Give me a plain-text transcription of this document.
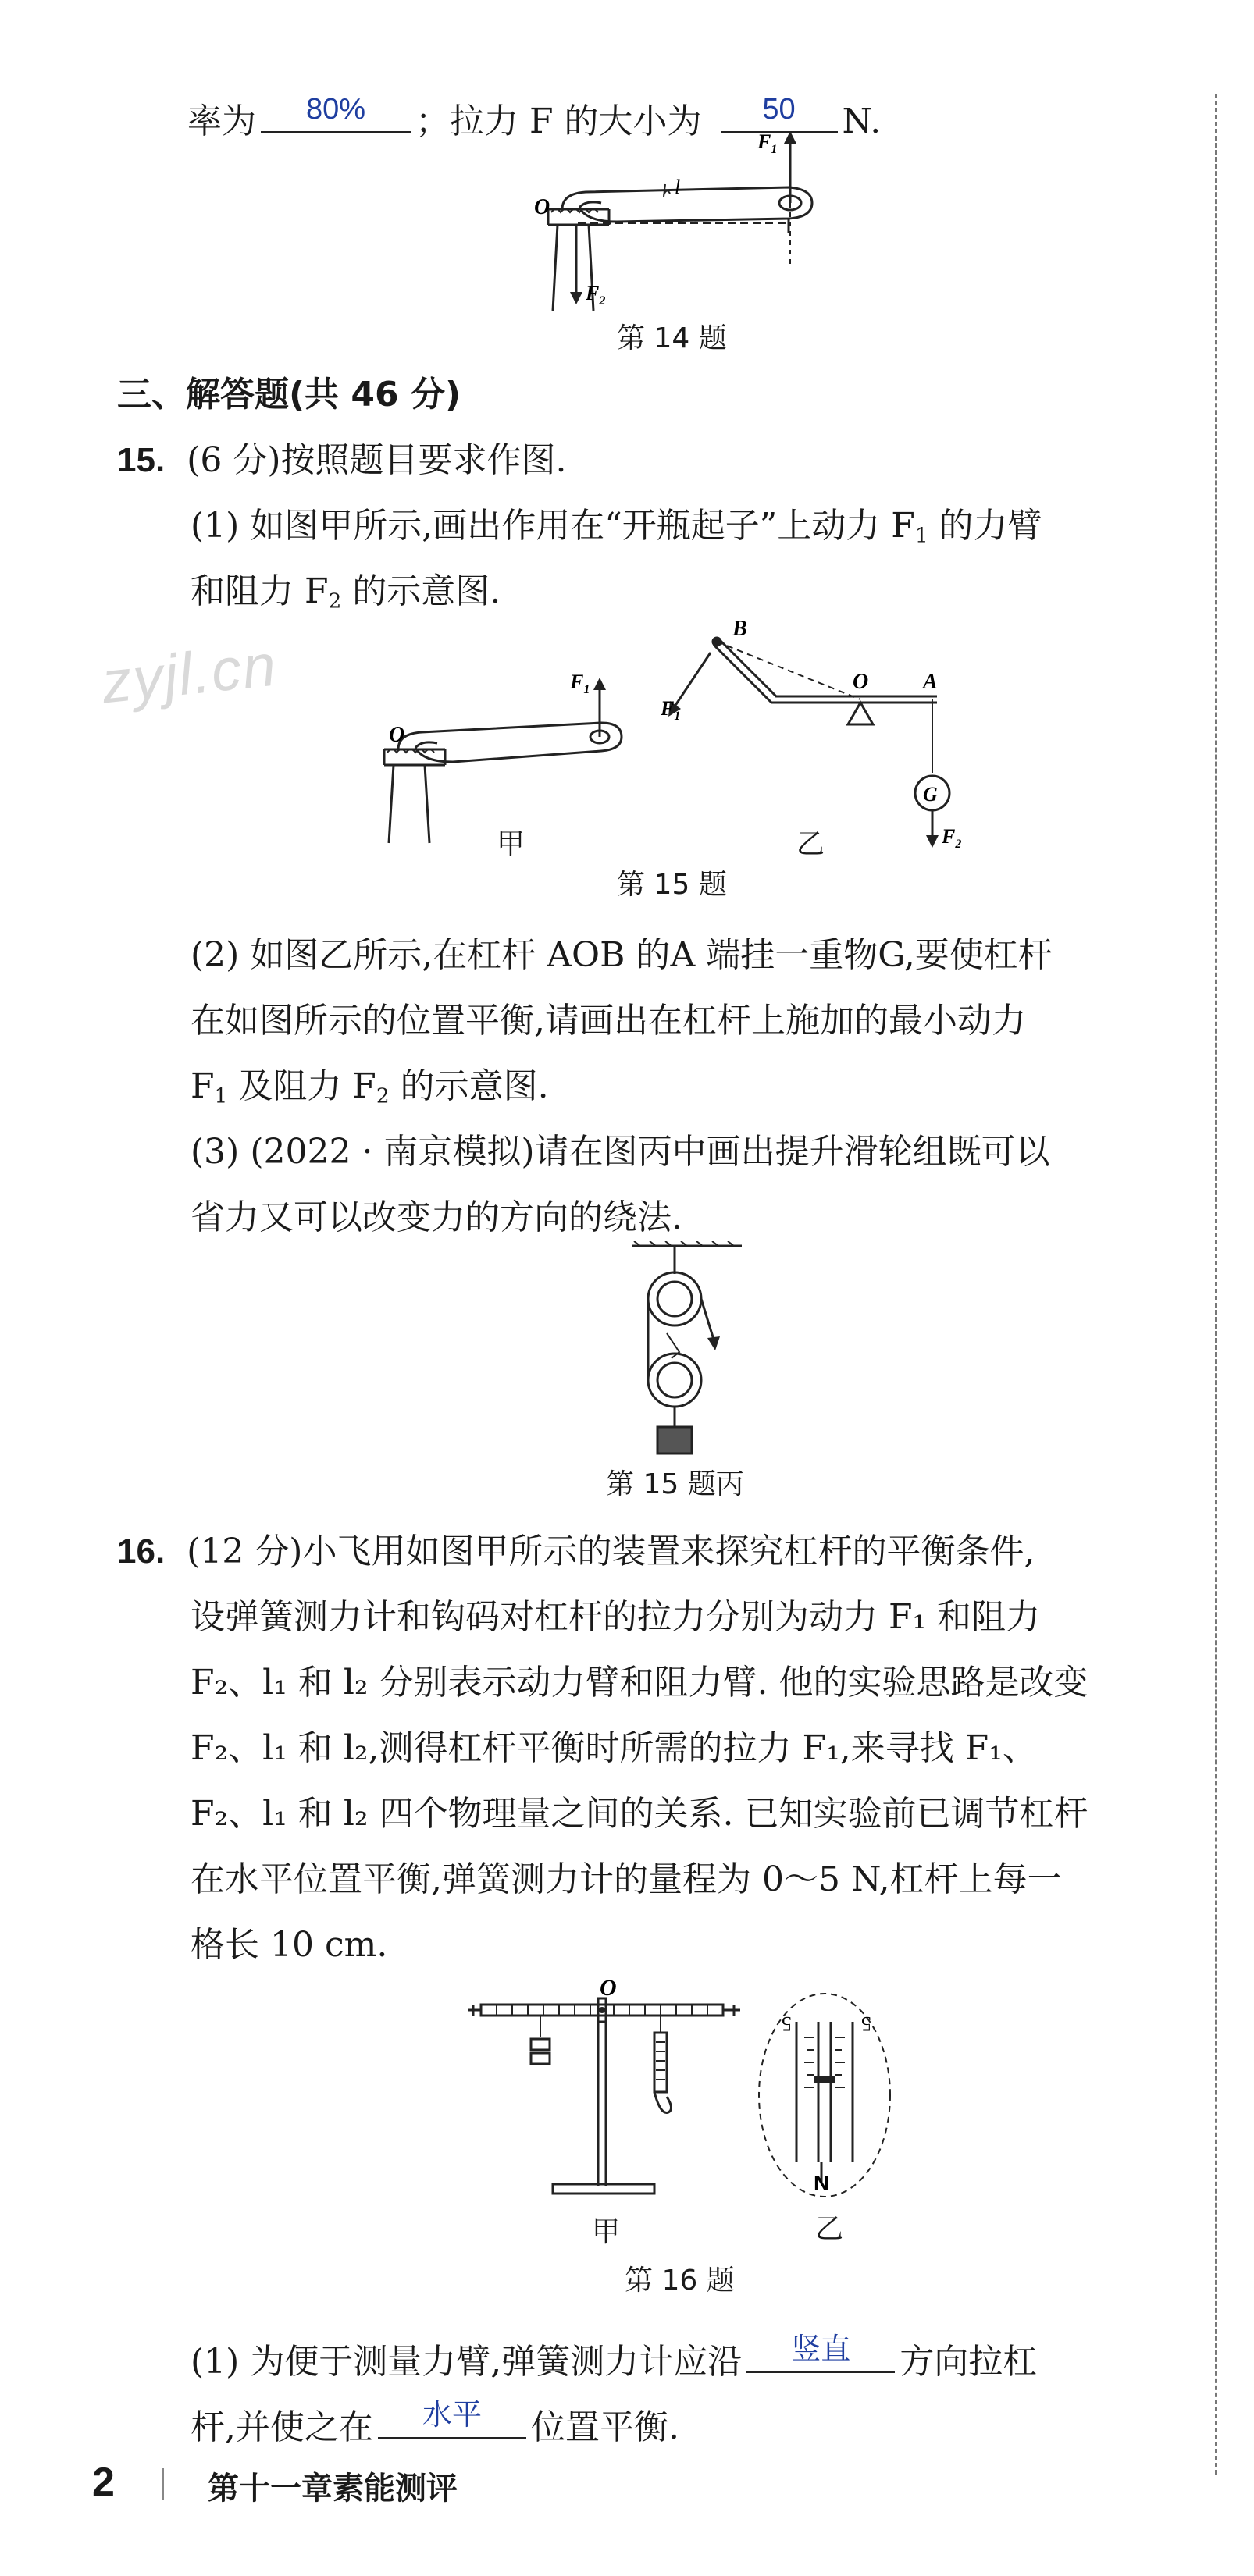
率为	80%	；拉力 F 的大小为	50	N.
$F_1$
$F_2$
O
l
第 14 题
三、解答题(共 46 分)
15. (6 分)按照题目要求作图.
(1) 如图甲所示,画出作用在“开瓶起子”上动力 $F_1$ 的力臂
和阻力 $F_2$ 的示意图.
zyjl.cn	$F_1$
O
甲
B
O A
G
$F_1$
$F_2$
乙
第 15 题
(2) 如图乙所示,在杠杆 AOB 的A 端挂一重物G,要使杠杆
在如图所示的位置平衡,请画出在杠杆上施加的最小动力
$F_1$ 及阻力 $F_2$ 的示意图.
(3) (2022 · 南京模拟)请在图丙中画出提升滑轮组既可以
省力又可以改变力的方向的绕法.
第 15 题丙
16. (12 分)小飞用如图甲所示的装置来探究杠杆的平衡条件,
设弹簧测力计和钩码对杠杆的拉力分别为动力 F₁ 和阻力
F₂、l₁ 和 l₂ 分别表示动力臂和阻力臂. 他的实验思路是改变
F₂、l₁ 和 l₂,测得杠杆平衡时所需的拉力 F₁,来寻找 F₁、
F₂、l₁ 和 l₂ 四个物理量之间的关系. 已知实验前已调节杠杆
在水平位置平衡,弹簧测力计的量程为 0～5 N,杠杆上每一
格长 10 cm.
O
甲
5	5
N
乙
第 16 题
(1) 为便于测量力臂,弹簧测力计应沿	竖直	方向拉杠
杆,并使之在	水平	位置平衡.
2	第十一章素能测评
